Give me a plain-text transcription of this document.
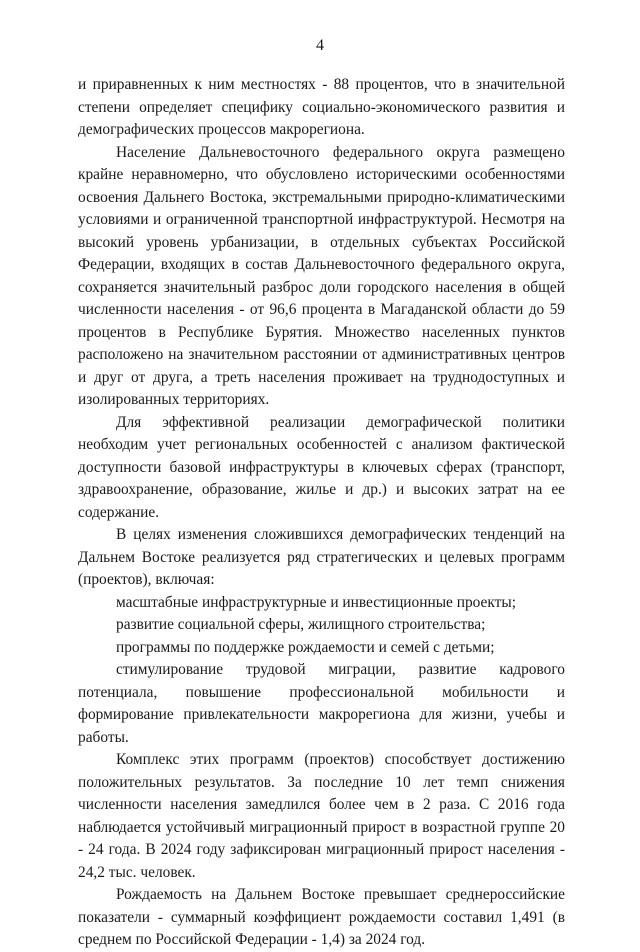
4

и приравненных к ним местностях - 88 процентов, что в значительной степени определяет специфику социально-экономического развития и демографических процессов макрорегиона.

Население Дальневосточного федерального округа размещено крайне неравномерно, что обусловлено историческими особенностями освоения Дальнего Востока, экстремальными природно-климатическими условиями и ограниченной транспортной инфраструктурой. Несмотря на высокий уровень урбанизации, в отдельных субъектах Российской Федерации, входящих в состав Дальневосточного федерального округа, сохраняется значительный разброс доли городского населения в общей численности населения - от 96,6 процента в Магаданской области до 59 процентов в Республике Бурятия. Множество населенных пунктов расположено на значительном расстоянии от административных центров и друг от друга, а треть населения проживает на труднодоступных и изолированных территориях.

Для эффективной реализации демографической политики необходим учет региональных особенностей с анализом фактической доступности базовой инфраструктуры в ключевых сферах (транспорт, здравоохранение, образование, жилье и др.) и высоких затрат на ее содержание.

В целях изменения сложившихся демографических тенденций на Дальнем Востоке реализуется ряд стратегических и целевых программ (проектов), включая:

масштабные инфраструктурные и инвестиционные проекты;

развитие социальной сферы, жилищного строительства;

программы по поддержке рождаемости и семей с детьми;

стимулирование трудовой миграции, развитие кадрового потенциала, повышение профессиональной мобильности и формирование привлекательности макрорегиона для жизни, учебы и работы.

Комплекс этих программ (проектов) способствует достижению положительных результатов. За последние 10 лет темп снижения численности населения замедлился более чем в 2 раза. С 2016 года наблюдается устойчивый миграционный прирост в возрастной группе 20 - 24 года. В 2024 году зафиксирован миграционный прирост населения - 24,2 тыс. человек.

Рождаемость на Дальнем Востоке превышает среднероссийские показатели - суммарный коэффициент рождаемости составил 1,491 (в среднем по Российской Федерации - 1,4) за 2024 год.
